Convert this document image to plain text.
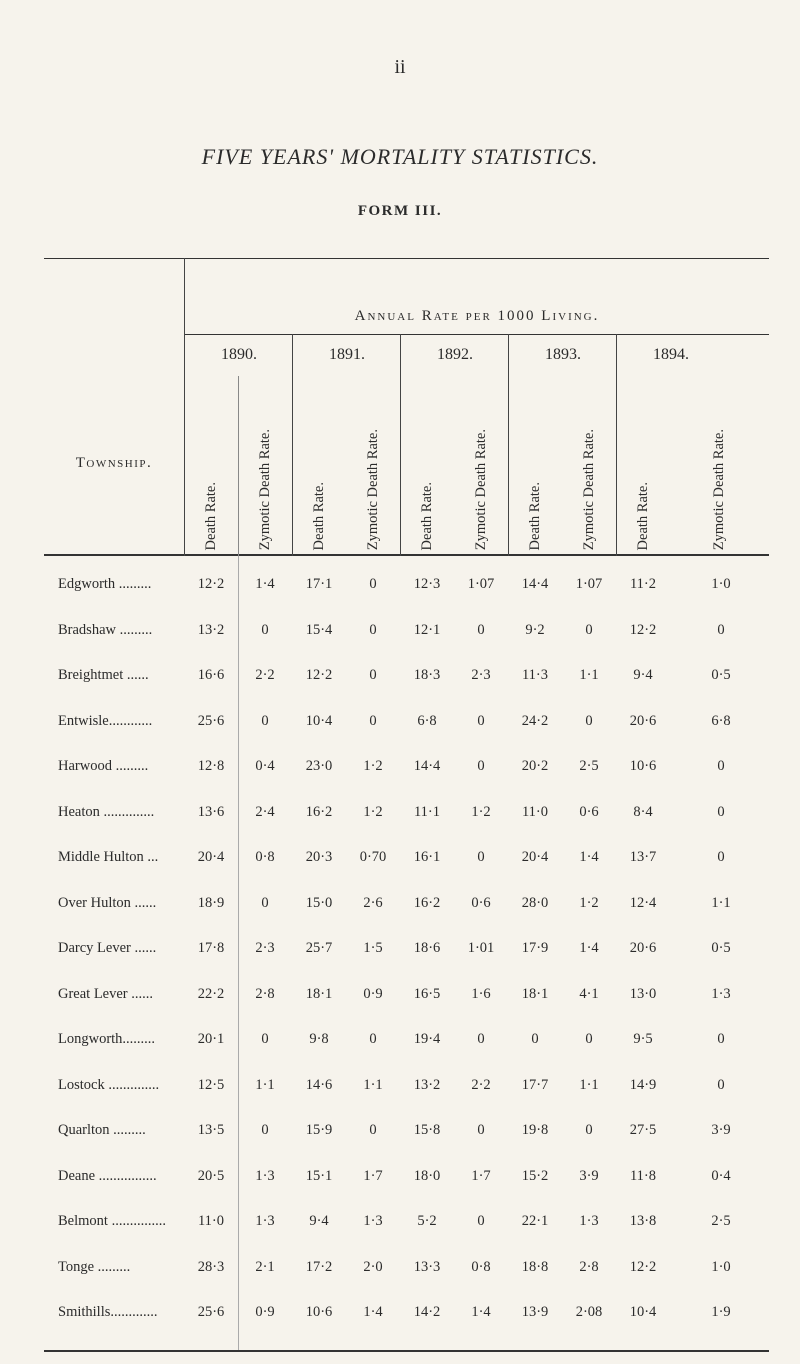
ii
FIVE YEARS' MORTALITY STATISTICS.
FORM III.
Annual Rate per 1000 Living.
Township.
1890.	1891.	1892.	1893.	1894.
Death Rate.	Zymotic Death Rate.	Death Rate.	Zymotic Death Rate.	Death Rate.	Zymotic Death Rate.	Death Rate.	Zymotic Death Rate.	Death Rate.	Zymotic Death Rate.
Edgworth .........	12·2	1·4	17·1	0	12·3	1·07	14·4	1·07	11·2	1·0
Bradshaw .........	13·2	0	15·4	0	12·1	0	9·2	0	12·2	0
Breightmet ......	16·6	2·2	12·2	0	18·3	2·3	11·3	1·1	9·4	0·5
Entwisle............	25·6	0	10·4	0	6·8	0	24·2	0	20·6	6·8
Harwood .........	12·8	0·4	23·0	1·2	14·4	0	20·2	2·5	10·6	0
Heaton ..............	13·6	2·4	16·2	1·2	11·1	1·2	11·0	0·6	8·4	0
Middle Hulton ...	20·4	0·8	20·3	0·70	16·1	0	20·4	1·4	13·7	0
Over Hulton ......	18·9	0	15·0	2·6	16·2	0·6	28·0	1·2	12·4	1·1
Darcy Lever ......	17·8	2·3	25·7	1·5	18·6	1·01	17·9	1·4	20·6	0·5
Great Lever ......	22·2	2·8	18·1	0·9	16·5	1·6	18·1	4·1	13·0	1·3
Longworth.........	20·1	0	9·8	0	19·4	0	0	0	9·5	0
Lostock ..............	12·5	1·1	14·6	1·1	13·2	2·2	17·7	1·1	14·9	0
Quarlton .........	13·5	0	15·9	0	15·8	0	19·8	0	27·5	3·9
Deane ................	20·5	1·3	15·1	1·7	18·0	1·7	15·2	3·9	11·8	0·4
Belmont ...............	11·0	1·3	9·4	1·3	5·2	0	22·1	1·3	13·8	2·5
Tonge .........	28·3	2·1	17·2	2·0	13·3	0·8	18·8	2·8	12·2	1·0
Smithills.............	25·6	0·9	10·6	1·4	14·2	1·4	13·9	2·08	10·4	1·9
